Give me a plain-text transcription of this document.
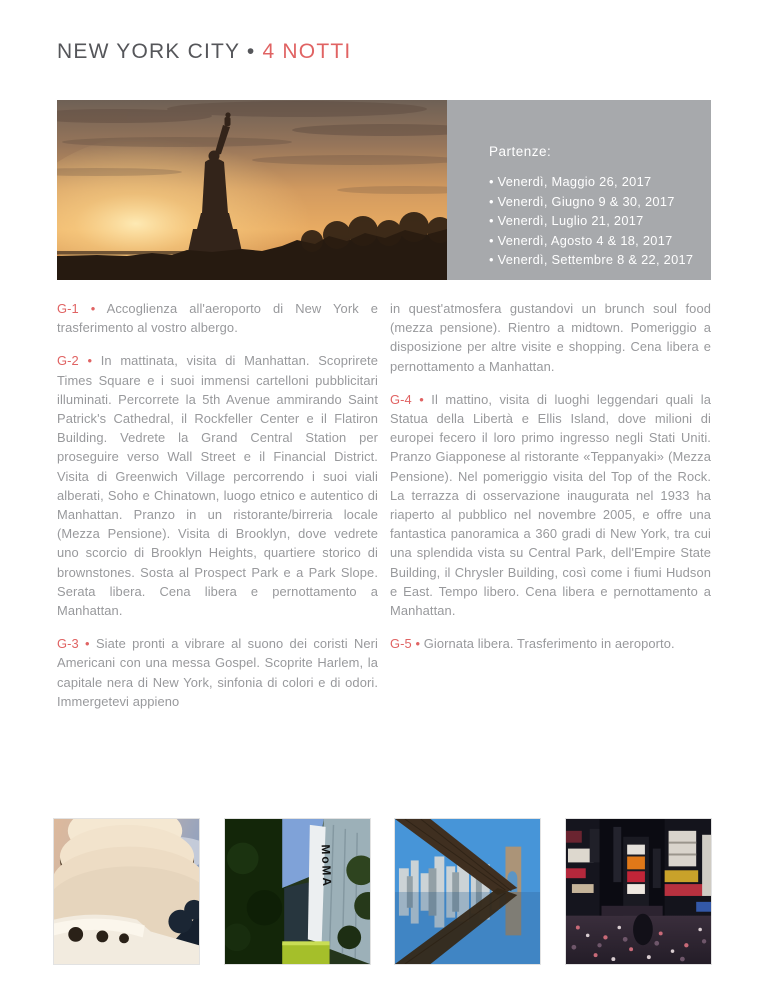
NEW YORK CITY • 4 NOTTI

Partenze:

• Venerdì, Maggio 26, 2017
• Venerdì, Giugno 9 & 30, 2017
• Venerdì, Luglio 21, 2017
• Venerdì, Agosto 4 & 18, 2017
• Venerdì, Settembre 8 & 22, 2017

G-1 • Accoglienza all'aeroporto di New York e trasferimento al vostro albergo.

G-2 • In mattinata, visita di Manhattan. Scoprirete Times Square e i suoi immensi cartelloni pubblicitari illuminati. Percorrete la 5th Avenue ammirando Saint Patrick's Cathedral, il Rockfeller Center e il Flatiron Building. Vedrete la Grand Central Station per proseguire verso Wall Street e il Financial District. Visita di Greenwich Village percorrendo i suoi viali alberati, Soho e Chinatown, luogo etnico e autentico di Manhattan. Pranzo in un ristorante/birreria locale (Mezza Pensione). Visita di Brooklyn, dove vedrete uno scorcio di Brooklyn Heights, quartiere storico di brownstones. Sosta al Prospect Park e a Park Slope. Serata libera. Cena libera e pernottamento a Manhattan.

G-3 • Siate pronti a vibrare al suono dei coristi Neri Americani con una messa Gospel. Scoprite Harlem, la capitale nera di New York, sinfonia di colori e di odori. Immergetevi appieno

in quest'atmosfera gustandovi un brunch soul food (mezza pensione). Rientro a midtown. Pomeriggio a disposizione per altre visite e shopping. Cena libera e pernottamento a Manhattan.

G-4 • Il mattino, visita di luoghi leggendari quali la Statua della Libertà e Ellis Island, dove milioni di europei fecero il loro primo ingresso negli Stati Uniti. Pranzo Giapponese al ristorante «Teppanyaki» (Mezza Pensione). Nel pomeriggio visita del Top of the Rock. La terrazza di osservazione inaugurata nel 1933 ha riaperto al pubblico nel novembre 2005, e offre una fantastica panoramica a 360 gradi di New York, tra cui una splendida vista su Central Park, dell'Empire State Building, il Chrysler Building, così come i fiumi Hudson e East. Tempo libero. Cena libera e pernottamento a Manhattan.

G-5 • Giornata libera. Trasferimento in aeroporto.

MoMA
